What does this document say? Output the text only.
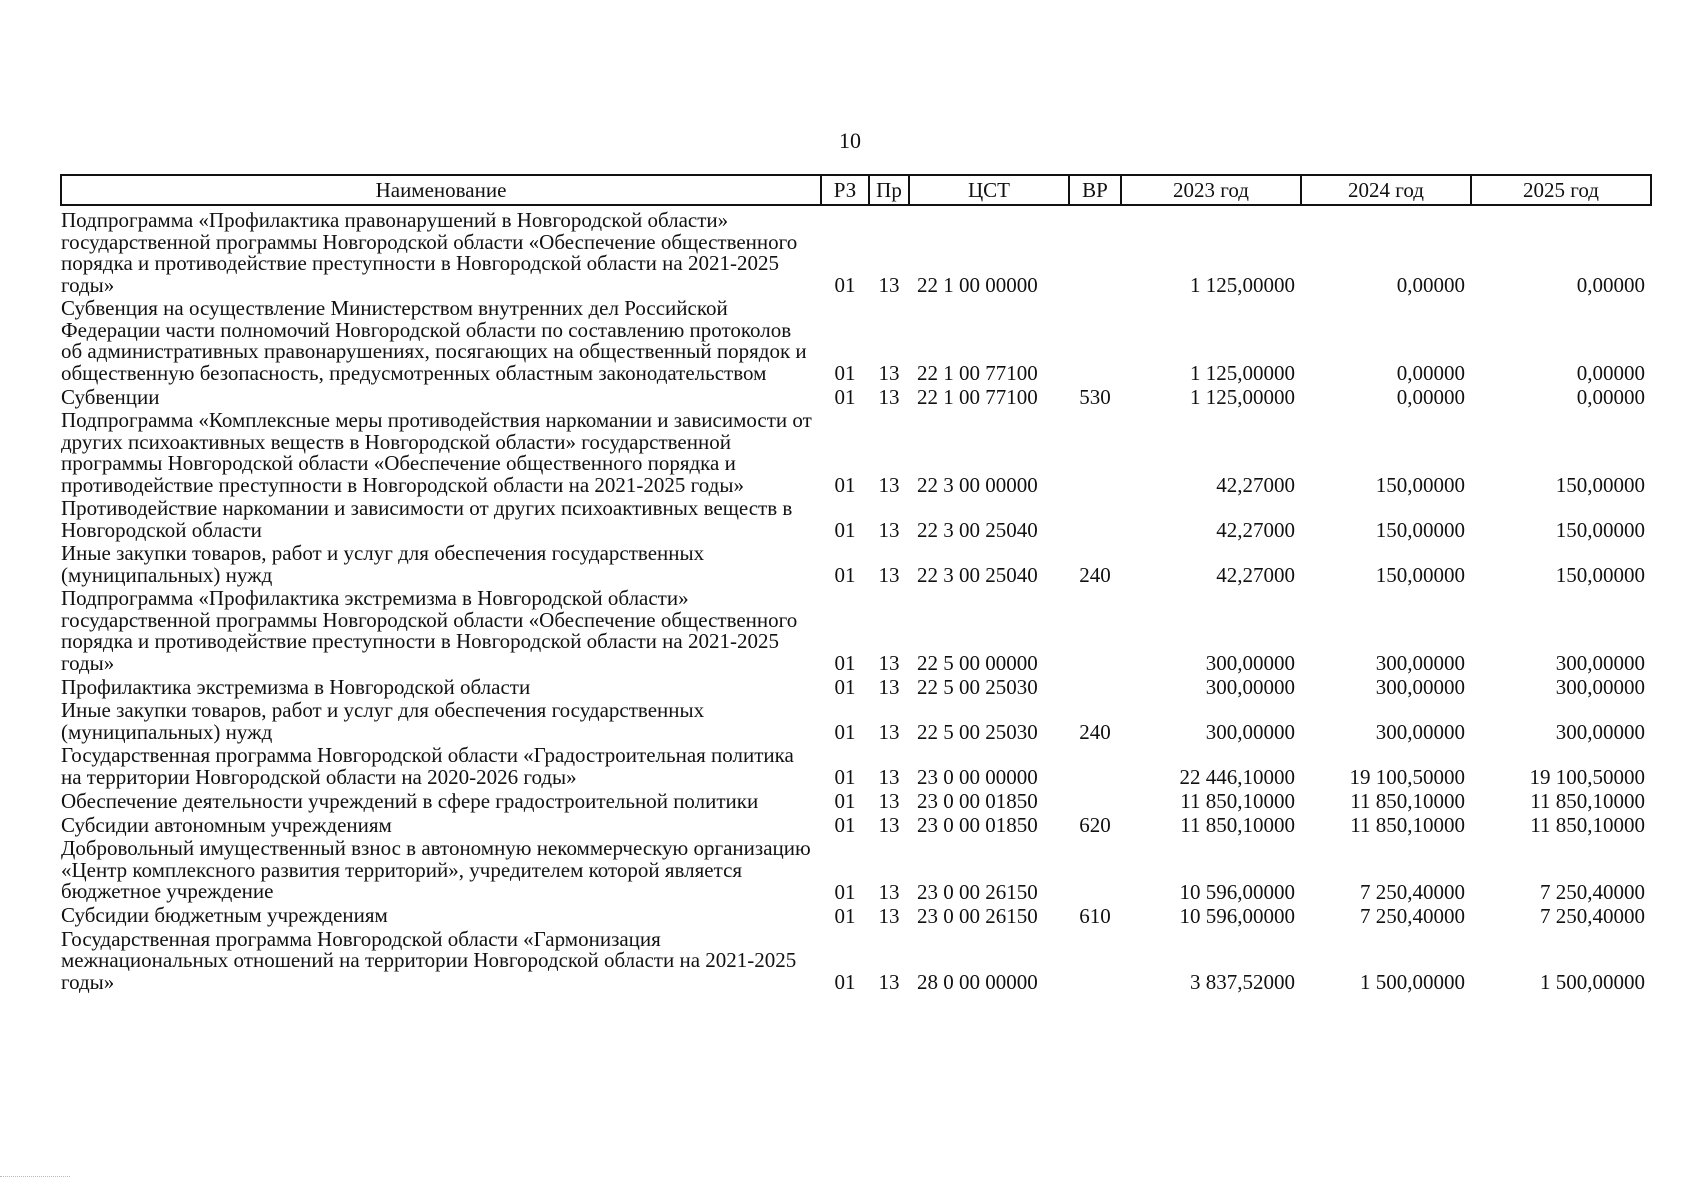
10
Наименование	РЗ	Пр	ЦСТ	ВР	2023 год	2024 год	2025 год
Подпрограмма «Профилактика правонарушений в Новгородской области» государственной программы Новгородской области «Обеспечение общественного порядка и противодействие преступности в Новгородской области на 2021-2025 годы»	01	13	22 1 00 00000		1 125,00000	0,00000	0,00000
Субвенция на осуществление Министерством внутренних дел Российской Федерации части полномочий Новгородской области по составлению протоколов об административных правонарушениях, посягающих на общественный порядок и общественную безопасность, предусмотренных областным законодательством	01	13	22 1 00 77100		1 125,00000	0,00000	0,00000
Субвенции	01	13	22 1 00 77100	530	1 125,00000	0,00000	0,00000
Подпрограмма «Комплексные меры противодействия наркомании и зависимости от других психоактивных веществ в Новгородской области» государственной программы Новгородской области «Обеспечение общественного порядка и противодействие преступности в Новгородской области на 2021-2025 годы»	01	13	22 3 00 00000		42,27000	150,00000	150,00000
Противодействие наркомании и зависимости от других психоактивных веществ в Новгородской области	01	13	22 3 00 25040		42,27000	150,00000	150,00000
Иные закупки товаров, работ и услуг для обеспечения государственных (муниципальных) нужд	01	13	22 3 00 25040	240	42,27000	150,00000	150,00000
Подпрограмма «Профилактика экстремизма в Новгородской области» государственной программы Новгородской области «Обеспечение общественного порядка и противодействие преступности в Новгородской области на 2021-2025 годы»	01	13	22 5 00 00000		300,00000	300,00000	300,00000
Профилактика экстремизма в Новгородской области	01	13	22 5 00 25030		300,00000	300,00000	300,00000
Иные закупки товаров, работ и услуг для обеспечения государственных (муниципальных) нужд	01	13	22 5 00 25030	240	300,00000	300,00000	300,00000
Государственная программа Новгородской области «Градостроительная политика на территории Новгородской области на 2020-2026 годы»	01	13	23 0 00 00000		22 446,10000	19 100,50000	19 100,50000
Обеспечение деятельности учреждений в сфере градостроительной политики	01	13	23 0 00 01850		11 850,10000	11 850,10000	11 850,10000
Субсидии автономным учреждениям	01	13	23 0 00 01850	620	11 850,10000	11 850,10000	11 850,10000
Добровольный имущественный взнос в автономную некоммерческую организацию «Центр комплексного развития территорий», учредителем которой является бюджетное учреждение	01	13	23 0 00 26150		10 596,00000	7 250,40000	7 250,40000
Субсидии бюджетным учреждениям	01	13	23 0 00 26150	610	10 596,00000	7 250,40000	7 250,40000
Государственная программа Новгородской области «Гармонизация межнациональных отношений на территории Новгородской области на 2021-2025 годы»	01	13	28 0 00 00000		3 837,52000	1 500,00000	1 500,00000
